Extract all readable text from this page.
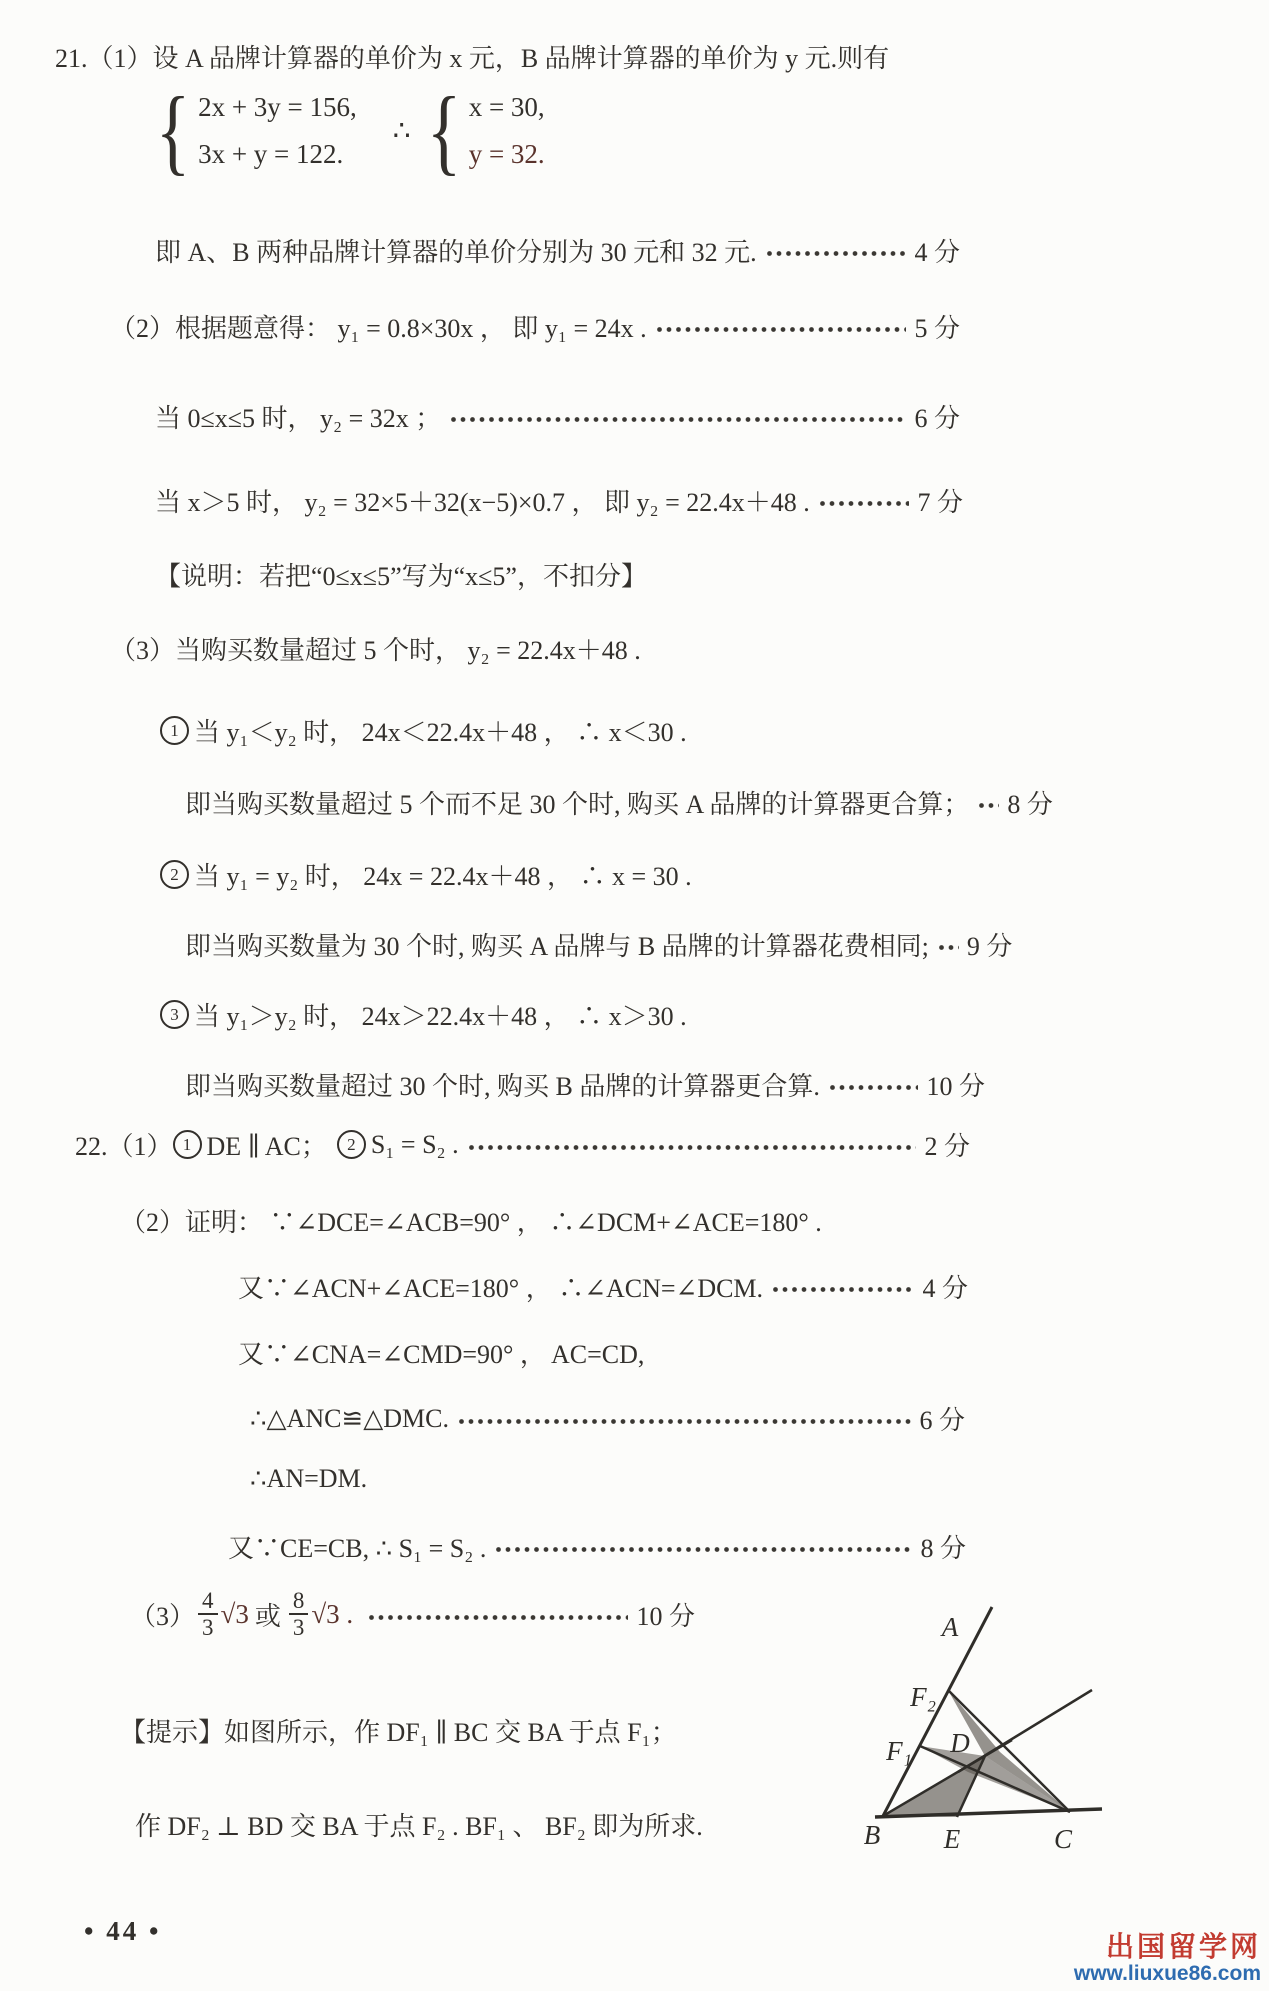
21.（1）设 A 品牌计算器的单价为 x 元，B 品牌计算器的单价为 y 元.则有
{ 2x + 3y = 156,
3x + y = 122.
∴ { x = 30,
y = 32.
即 A、B 两种品牌计算器的单价分别为 30 元和 32 元.	4 分
（2）根据题意得： y₁ = 0.8×30x ， 即 y₁ = 24x .	5 分
当 0≤x≤5 时， y₂ = 32x ；	6 分
当 x＞5 时， y₂ = 32×5＋32(x−5)×0.7 ， 即 y₂ = 22.4x＋48 .	7 分
【说明：若把“0≤x≤5”写为“x≤5”，不扣分】
（3）当购买数量超过 5 个时， y₂ = 22.4x＋48 .
1 当 y₁＜y₂ 时， 24x＜22.4x＋48 ， ∴ x＜30 .
即当购买数量超过 5 个而不足 30 个时, 购买 A 品牌的计算器更合算； 8 分
2 当 y₁ = y₂ 时， 24x = 22.4x＋48 ， ∴ x = 30 .
即当购买数量为 30 个时, 购买 A 品牌与 B 品牌的计算器花费相同; 9 分
3 当 y₁＞y₂ 时， 24x＞22.4x＋48 ， ∴ x＞30 .
即当购买数量超过 30 个时, 购买 B 品牌的计算器更合算.	10 分
22.（1） 1 DE ∥ AC；	2 S₁ = S₂ .	2 分
（2）证明： ∵∠DCE=∠ACB=90° ， ∴∠DCM+∠ACE=180° .
又∵∠ACN+∠ACE=180° ， ∴∠ACN=∠DCM.	4 分
又∵∠CNA=∠CMD=90° ， AC=CD,
∴△ANC≌△DMC.	6 分
∴AN=DM.
又∵CE=CB, ∴ S₁ = S₂ .	8 分
$(3) \frac{4}{3} √3$ 或 $\frac{8}{3} √3$ .	10 分
【提示】如图所示，作 DF₁ ∥ BC 交 BA 于点 F₁；
作 DF₂ ⊥ BD 交 BA 于点 F₂ . BF₁ 、 BF₂ 即为所求.
A
F₂
F₁ D
B E	C
• 44 •
出国留学网
www.liuxue86.com
